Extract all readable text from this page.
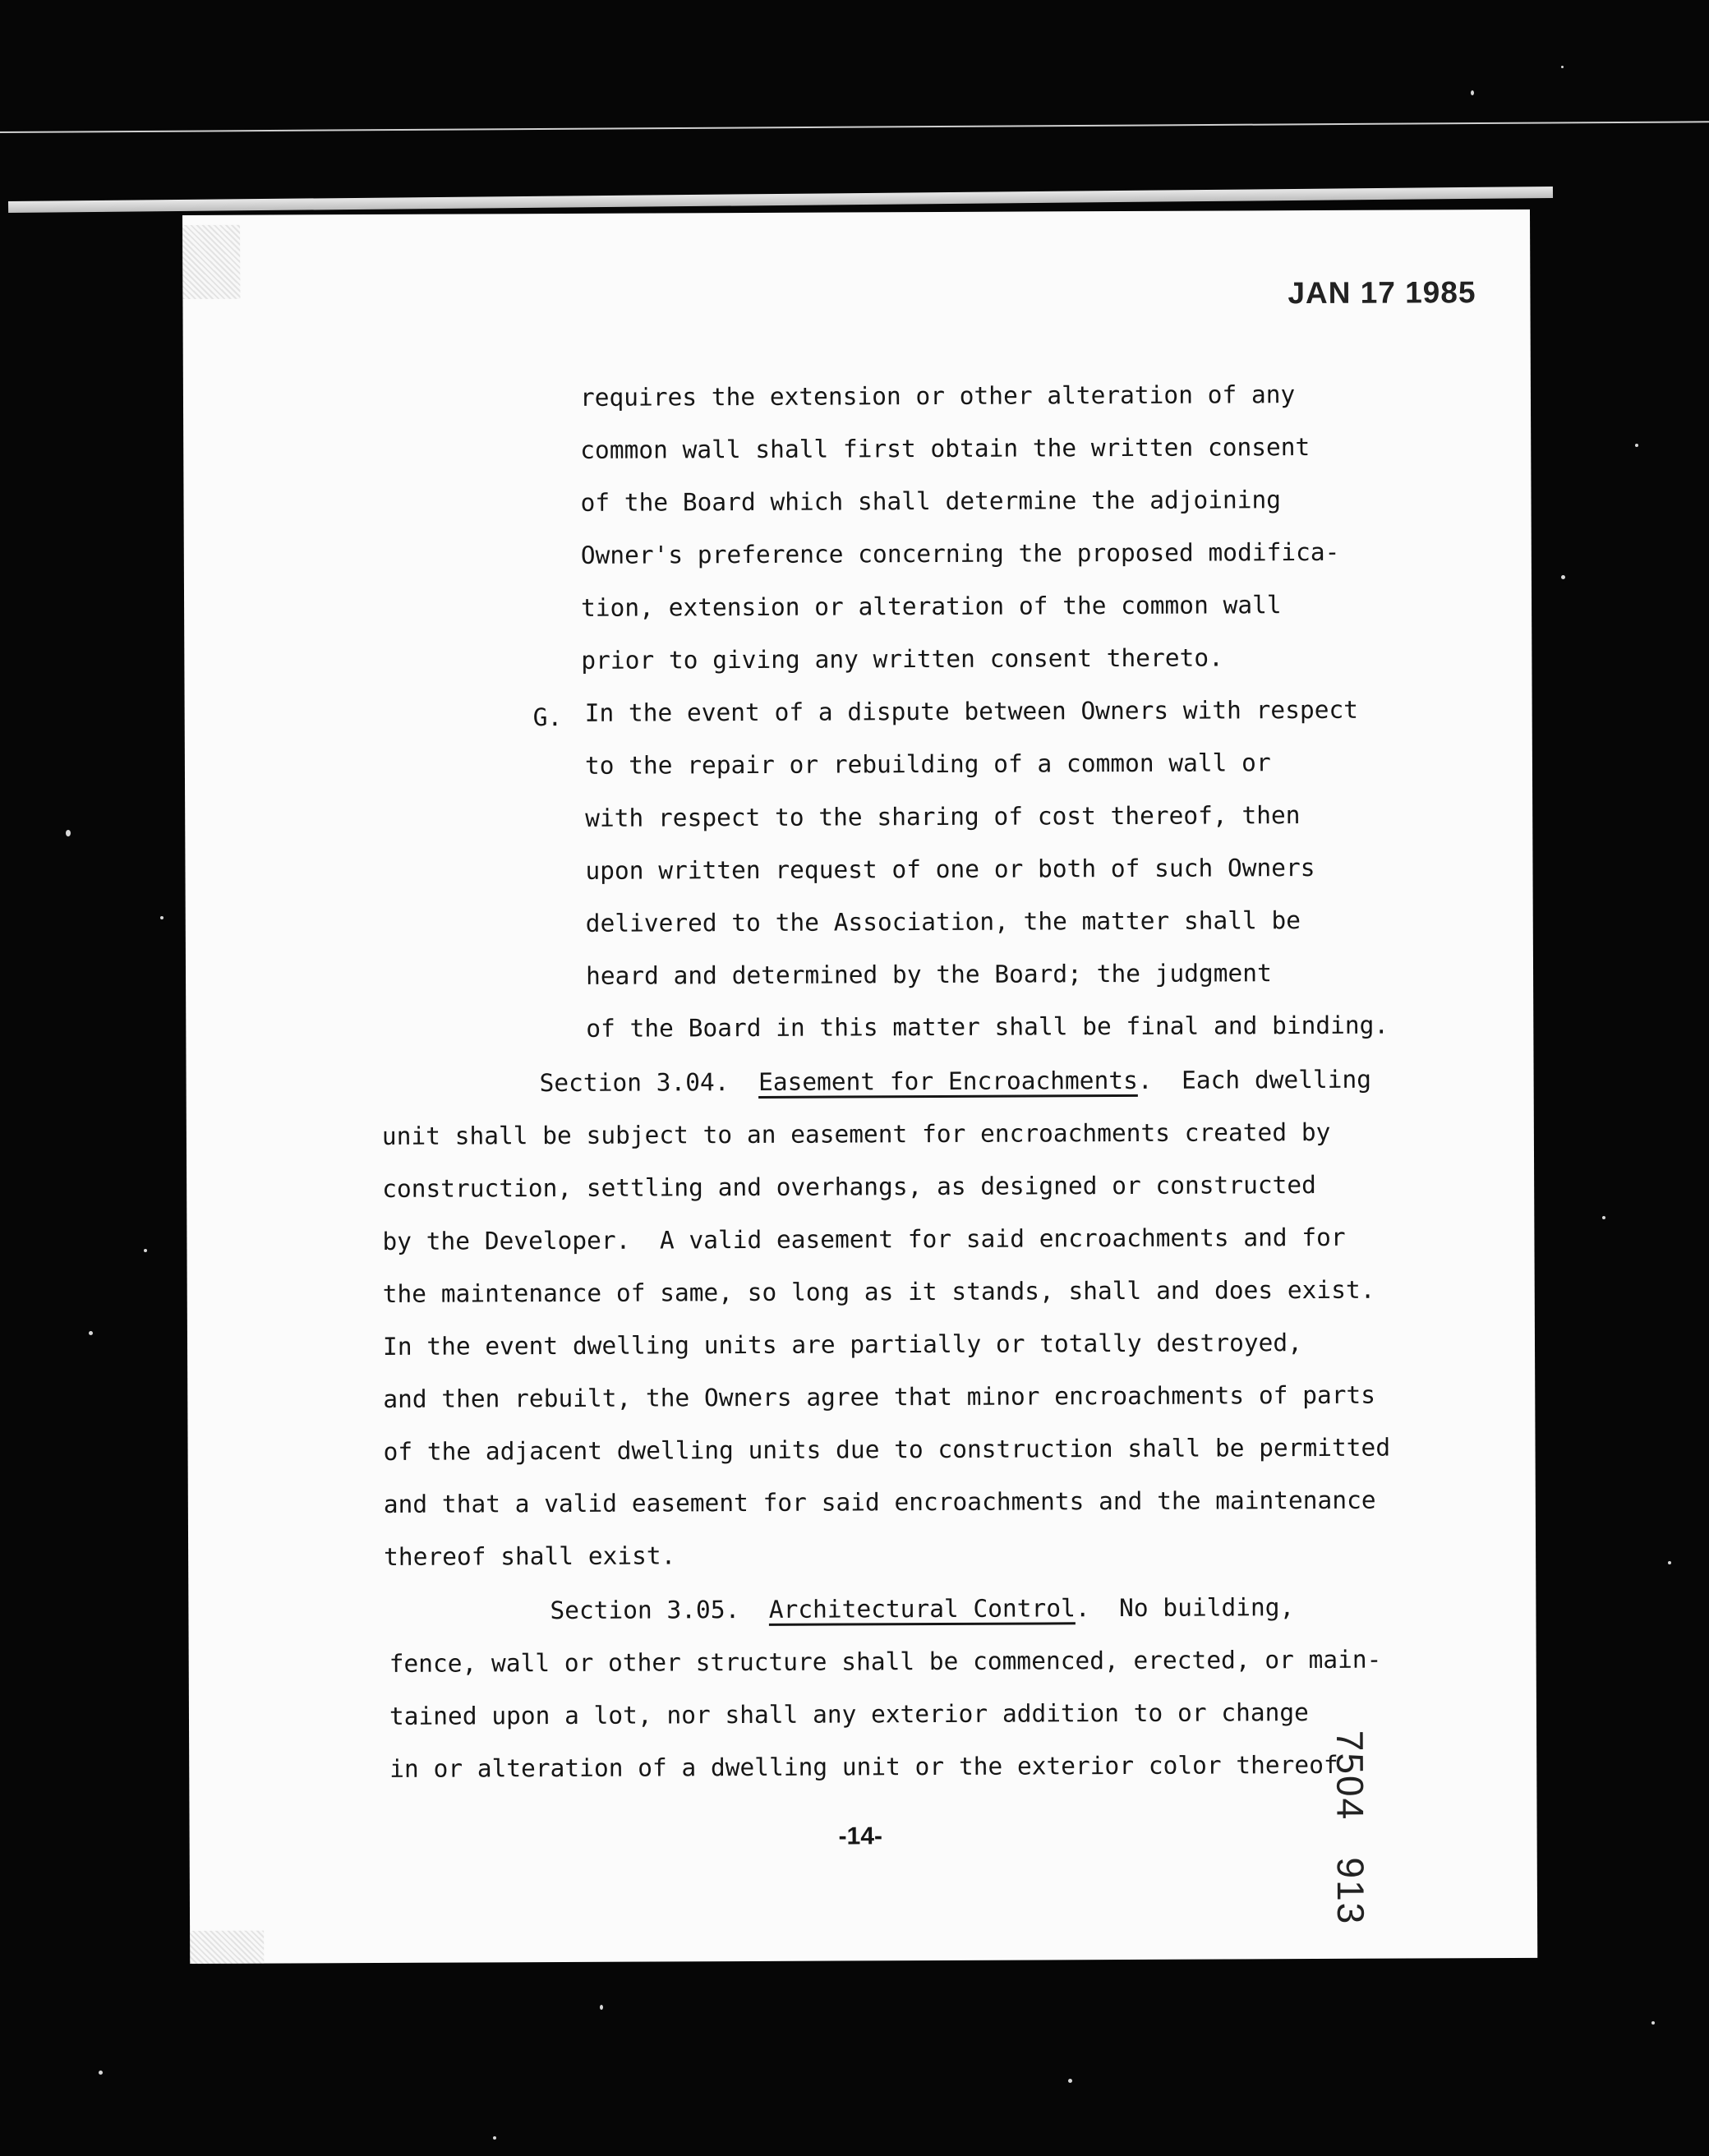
JAN 17 1985
requires the extension or other alteration of any
common wall shall first obtain the written consent
of the Board which shall determine the adjoining
Owner's preference concerning the proposed modifica-
tion, extension or alteration of the common wall
prior to giving any written consent thereto.
G. In the event of a dispute between Owners with respect
to the repair or rebuilding of a common wall or
with respect to the sharing of cost thereof, then
upon written request of one or both of such Owners
delivered to the Association, the matter shall be
heard and determined by the Board; the judgment
of the Board in this matter shall be final and binding.
Section 3.04. Easement for Encroachments. Each dwelling
unit shall be subject to an easement for encroachments created by
construction, settling and overhangs, as designed or constructed
by the Developer.  A valid easement for said encroachments and for
the maintenance of same, so long as it stands, shall and does exist.
In the event dwelling units are partially or totally destroyed,
and then rebuilt, the Owners agree that minor encroachments of parts
of the adjacent dwelling units due to construction shall be permitted
and that a valid easement for said encroachments and the maintenance
thereof shall exist.
Section 3.05. Architectural Control. No building,
fence, wall or other structure shall be commenced, erected, or main-
tained upon a lot, nor shall any exterior addition to or change
in or alteration of a dwelling unit or the exterior color thereof
7504   913
-14-
